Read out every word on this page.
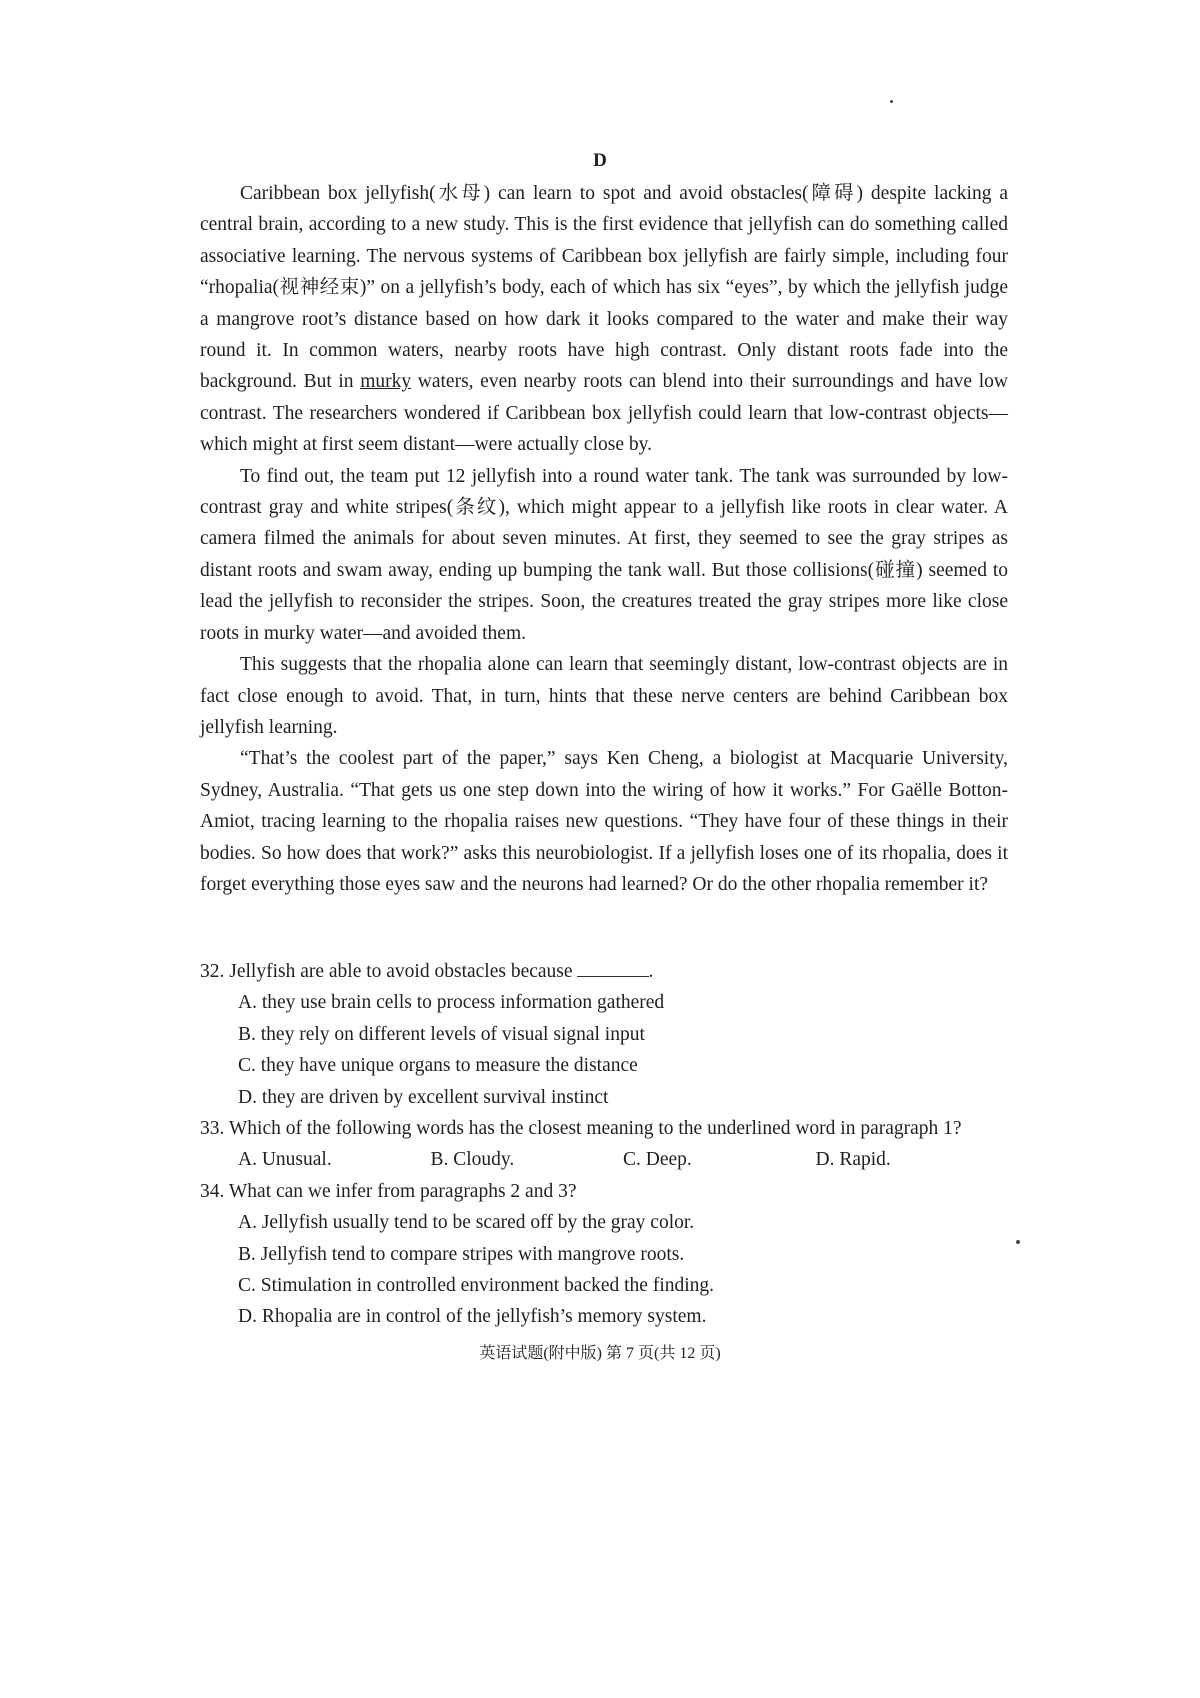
D

Caribbean box jellyfish(水母) can learn to spot and avoid obstacles(障碍) despite lacking a central brain, according to a new study. This is the first evidence that jellyfish can do something called associative learning. The nervous systems of Caribbean box jellyfish are fairly simple, including four “rhopalia(视神经束)” on a jellyfish’s body, each of which has six “eyes”, by which the jellyfish judge a mangrove root’s distance based on how dark it looks compared to the water and make their way round it. In common waters, nearby roots have high contrast. Only distant roots fade into the background. But in murky waters, even nearby roots can blend into their surroundings and have low contrast. The researchers wondered if Caribbean box jellyfish could learn that low-contrast objects—which might at first seem distant—were actually close by.

To find out, the team put 12 jellyfish into a round water tank. The tank was surrounded by low-contrast gray and white stripes(条纹), which might appear to a jellyfish like roots in clear water. A camera filmed the animals for about seven minutes. At first, they seemed to see the gray stripes as distant roots and swam away, ending up bumping the tank wall. But those collisions(碰撞) seemed to lead the jellyfish to reconsider the stripes. Soon, the creatures treated the gray stripes more like close roots in murky water—and avoided them.

This suggests that the rhopalia alone can learn that seemingly distant, low-contrast objects are in fact close enough to avoid. That, in turn, hints that these nerve centers are behind Caribbean box jellyfish learning.

“That’s the coolest part of the paper,” says Ken Cheng, a biologist at Macquarie University, Sydney, Australia. “That gets us one step down into the wiring of how it works.” For Gaëlle Botton-Amiot, tracing learning to the rhopalia raises new questions. “They have four of these things in their bodies. So how does that work?” asks this neurobiologist. If a jellyfish loses one of its rhopalia, does it forget everything those eyes saw and the neurons had learned? Or do the other rhopalia remember it?

32. Jellyfish are able to avoid obstacles because	.

A. they use brain cells to process information gathered

B. they rely on different levels of visual signal input

C. they have unique organs to measure the distance

D. they are driven by excellent survival instinct

33. Which of the following words has the closest meaning to the underlined word in paragraph 1?

A. Unusual.	B. Cloudy.	C. Deep.	D. Rapid.

34. What can we infer from paragraphs 2 and 3?

A. Jellyfish usually tend to be scared off by the gray color.

B. Jellyfish tend to compare stripes with mangrove roots.

C. Stimulation in controlled environment backed the finding.

D. Rhopalia are in control of the jellyfish’s memory system.

英语试题(附中版) 第 7 页(共 12 页)
